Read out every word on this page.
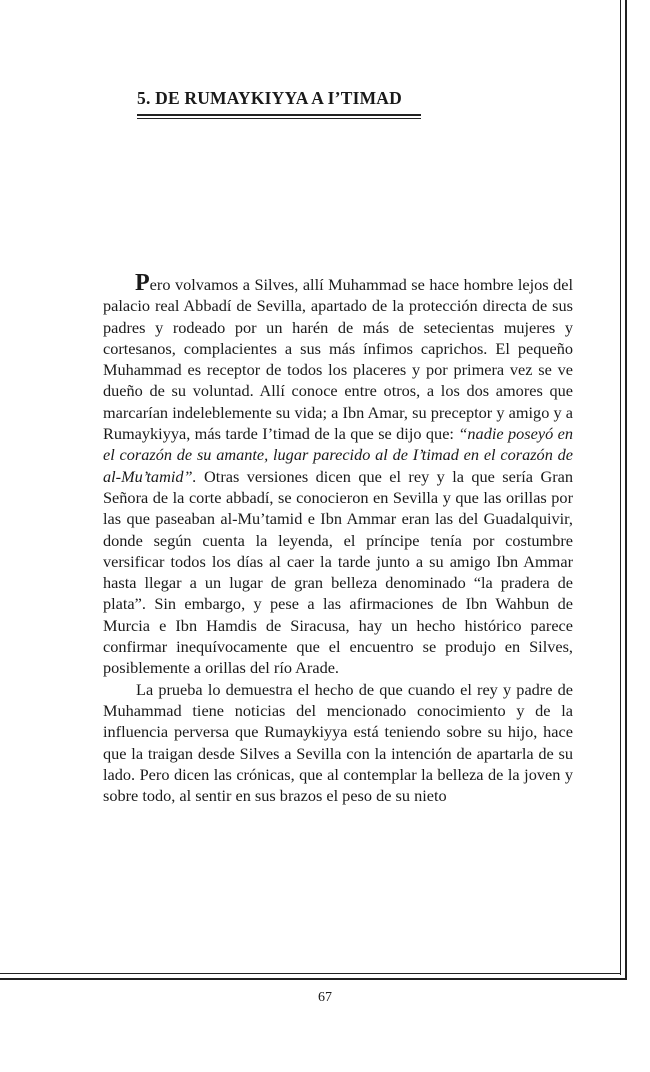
5. DE RUMAYKIYYA A I’TIMAD

Pero volvamos a Silves, allí Muhammad se hace hombre lejos del palacio real Abbadí de Sevilla, apartado de la protección directa de sus padres y rodeado por un harén de más de setecientas mujeres y cortesanos, complacientes a sus más ínfimos caprichos. El pequeño Muhammad es receptor de todos los placeres y por primera vez se ve dueño de su voluntad. Allí conoce entre otros, a los dos amores que marcarían indeleblemente su vida; a Ibn Amar, su preceptor y amigo y a Rumaykiyya, más tarde I’timad de la que se dijo que: “nadie poseyó en el corazón de su amante, lugar parecido al de I’timad en el corazón de al-Mu’tamid”. Otras versiones dicen que el rey y la que sería Gran Señora de la corte abbadí, se conocieron en Sevilla y que las orillas por las que paseaban al-Mu’tamid e Ibn Ammar eran las del Guadalquivir, donde según cuenta la leyenda, el príncipe tenía por costumbre versificar todos los días al caer la tarde junto a su amigo Ibn Ammar hasta llegar a un lugar de gran belleza denominado “la pradera de plata”. Sin embargo, y pese a las afirmaciones de Ibn Wahbun de Murcia e Ibn Hamdis de Siracusa, hay un hecho histórico parece confirmar inequívocamente que el encuentro se produjo en Silves, posiblemente a orillas del río Arade.

La prueba lo demuestra el hecho de que cuando el rey y padre de Muhammad tiene noticias del mencionado conocimiento y de la influencia perversa que Rumaykiyya está teniendo sobre su hijo, hace que la traigan desde Silves a Sevilla con la intención de apartarla de su lado. Pero dicen las crónicas, que al contemplar la belleza de la joven y sobre todo, al sentir en sus brazos el peso de su nieto

67
